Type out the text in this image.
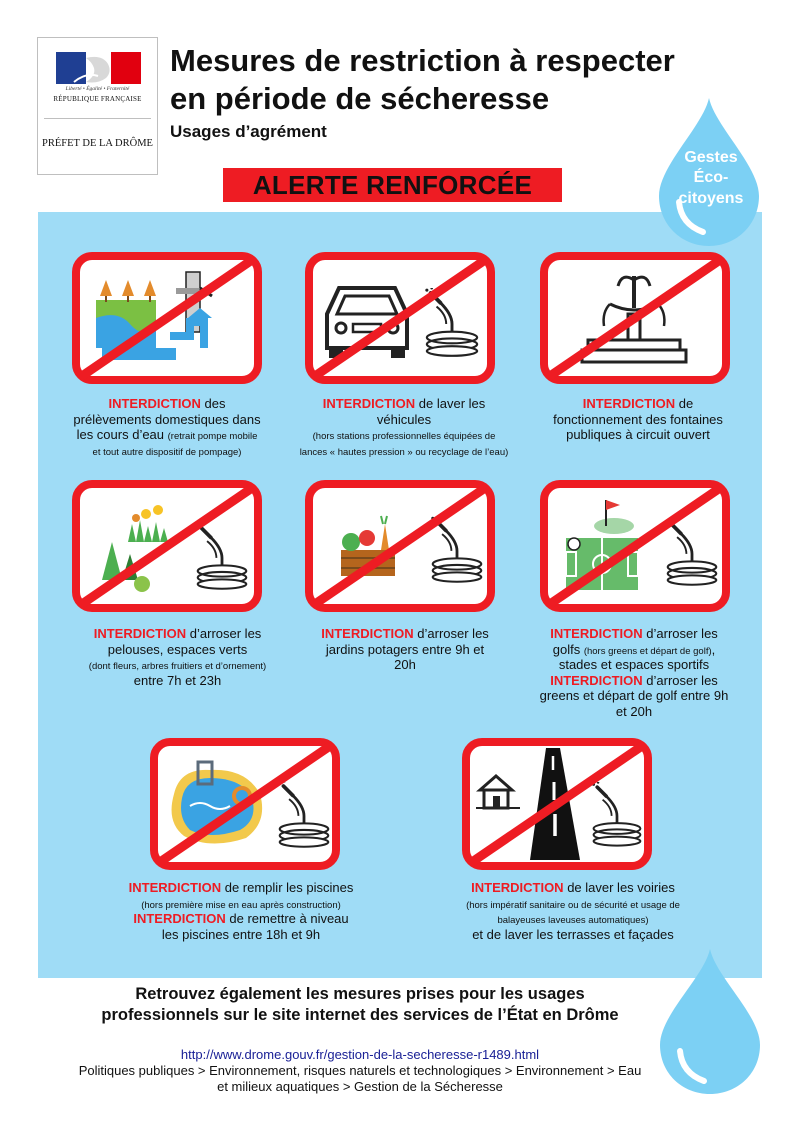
Liberté • Égalité • Fraternité
RÉPUBLIQUE FRANÇAISE
PRÉFET DE LA DRÔME
Mesures de restriction à respecter
en période de sécheresse
Usages d’agrément
ALERTE RENFORCÉE
Gestes
Éco-
citoyens
INTERDICTION des prélèvements domestiques dans les cours d’eau (retrait pompe mobile et tout autre dispositif de pompage)
INTERDICTION de laver les véhicules
(hors stations professionnelles équipées de lances « hautes pression » ou recyclage de l’eau)
INTERDICTION de fonctionnement des fontaines publiques à circuit ouvert
INTERDICTION d’arroser les pelouses, espaces verts
(dont fleurs, arbres fruitiers et d’ornement) entre 7h et 23h
INTERDICTION d’arroser les jardins potagers entre 9h et 20h
INTERDICTION d’arroser les golfs (hors greens et départ de golf), stades et espaces sportifs
INTERDICTION d’arroser les greens et départ de golf entre 9h et 20h
INTERDICTION de remplir les piscines (hors première mise en eau après construction)
INTERDICTION de remettre à niveau les piscines entre 18h et 9h
INTERDICTION de laver les voiries
(hors impératif sanitaire ou de sécurité et usage de balayeuses laveuses automatiques)
et de laver les terrasses et façades
Retrouvez également les mesures prises pour les usages
professionnels sur le site internet des services de l’État en Drôme
http://www.drome.gouv.fr/gestion-de-la-secheresse-r1489.html
Politiques publiques > Environnement, risques naturels et technologiques > Environnement > Eau
et milieux aquatiques > Gestion de la Sécheresse
